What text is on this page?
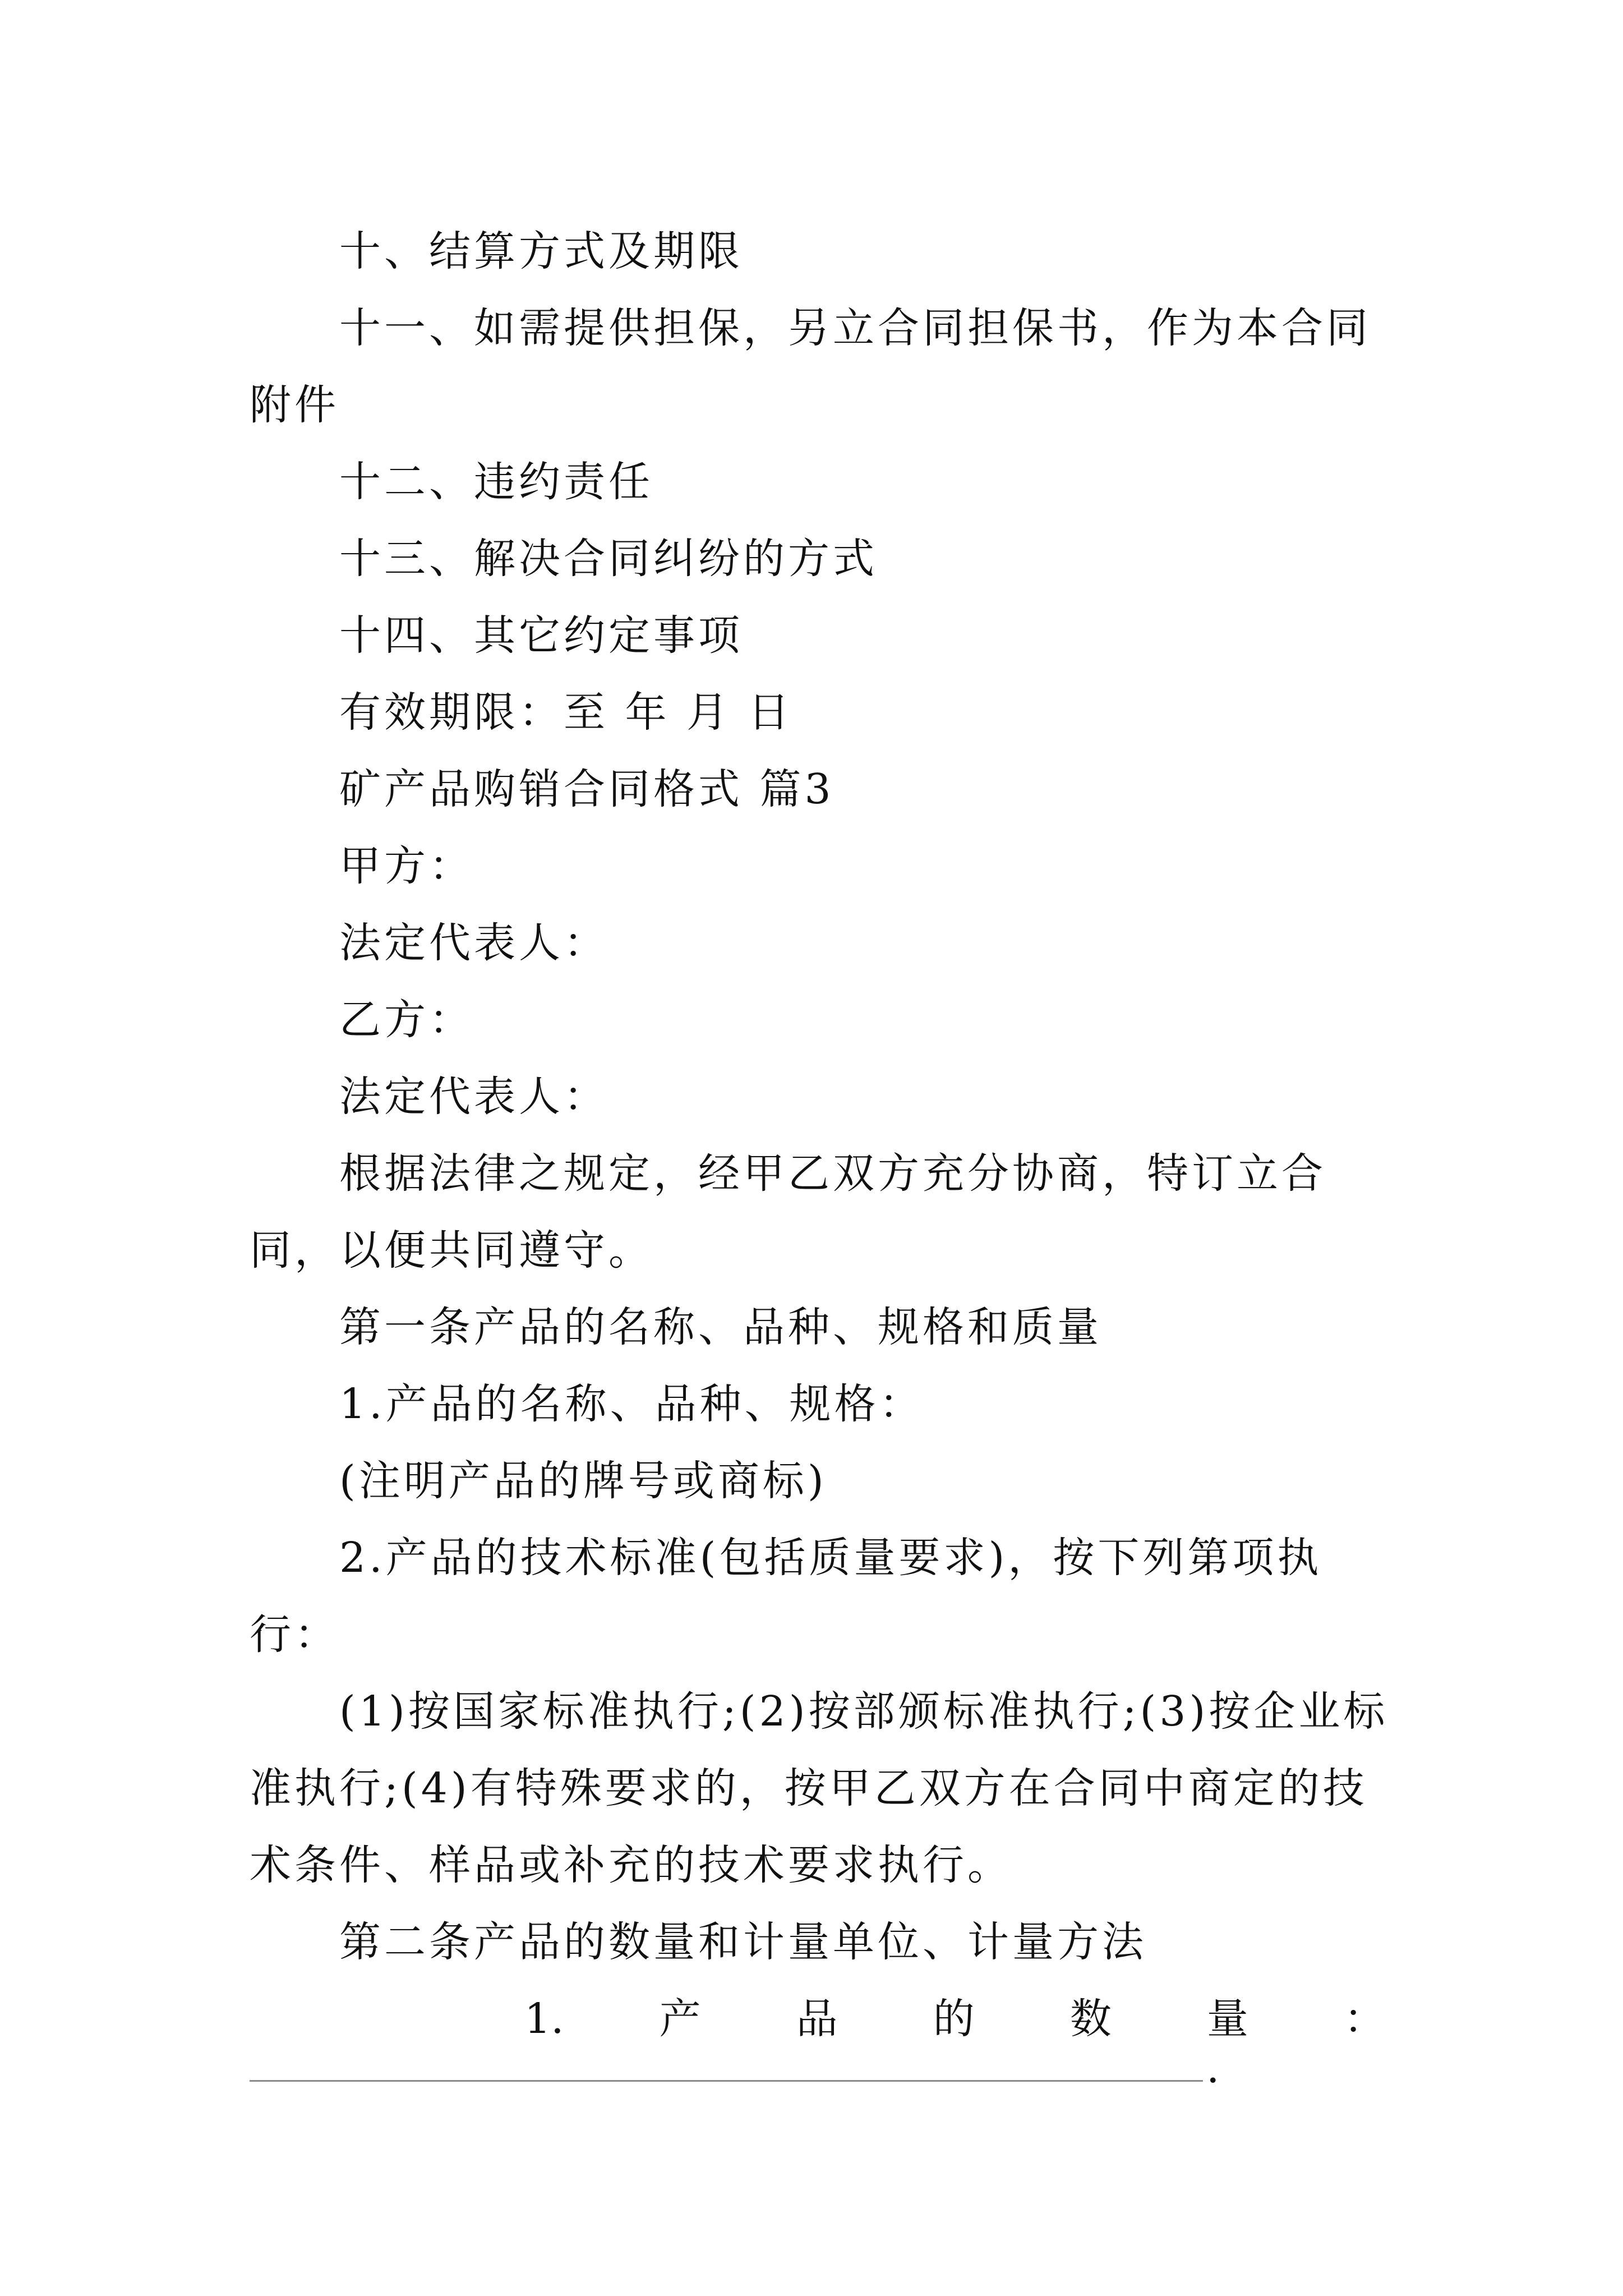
十、结算方式及期限

十一、如需提供担保，另立合同担保书，作为本合同附件

十二、违约责任

十三、解决合同纠纷的方式

十四、其它约定事项

有效期限：至 年 月 日

矿产品购销合同格式 篇3

甲方：

法定代表人：

乙方：

法定代表人：

根据法律之规定，经甲乙双方充分协商，特订立合同，以便共同遵守。

第一条产品的名称、品种、规格和质量

1.产品的名称、品种、规格：

(注明产品的牌号或商标)

2.产品的技术标准(包括质量要求)，按下列第项执行：

(1)按国家标准执行;(2)按部颁标准执行;(3)按企业标准执行;(4)有特殊要求的，按甲乙双方在合同中商定的技术条件、样品或补充的技术要求执行。

第二条产品的数量和计量单位、计量方法

1. 产 品 的 数 量 ：
.
